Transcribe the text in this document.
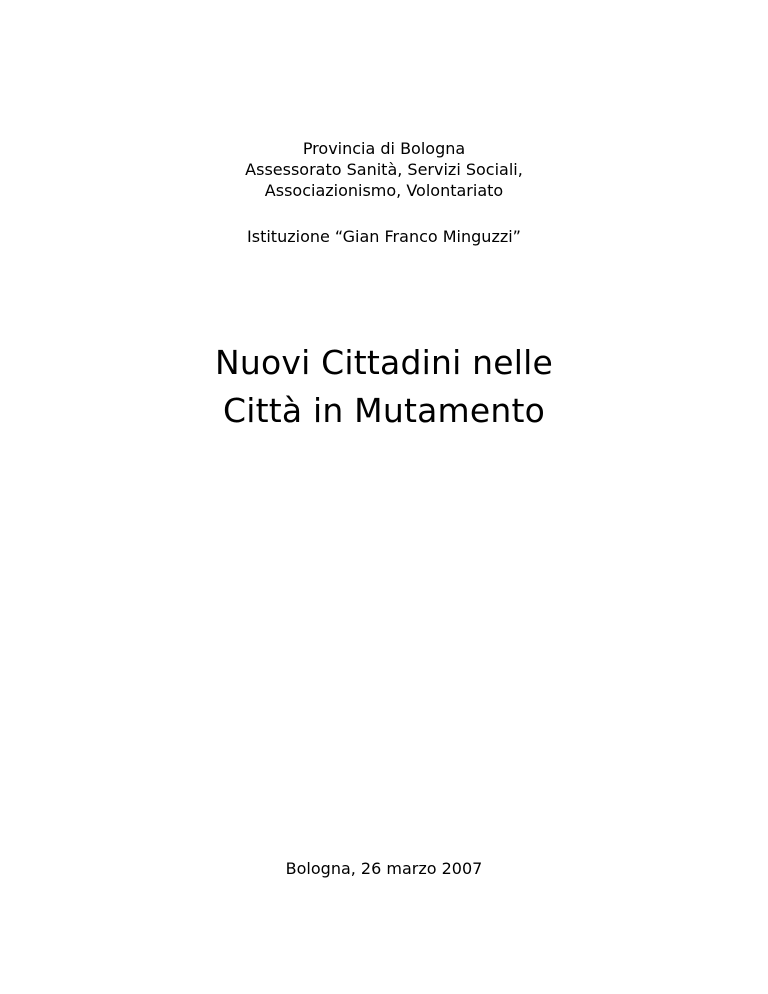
Provincia di Bologna
Assessorato Sanità, Servizi Sociali,
Associazionismo, Volontariato
Istituzione “Gian Franco Minguzzi”
Nuovi Cittadini nelle
Città in Mutamento
Bologna, 26 marzo 2007
